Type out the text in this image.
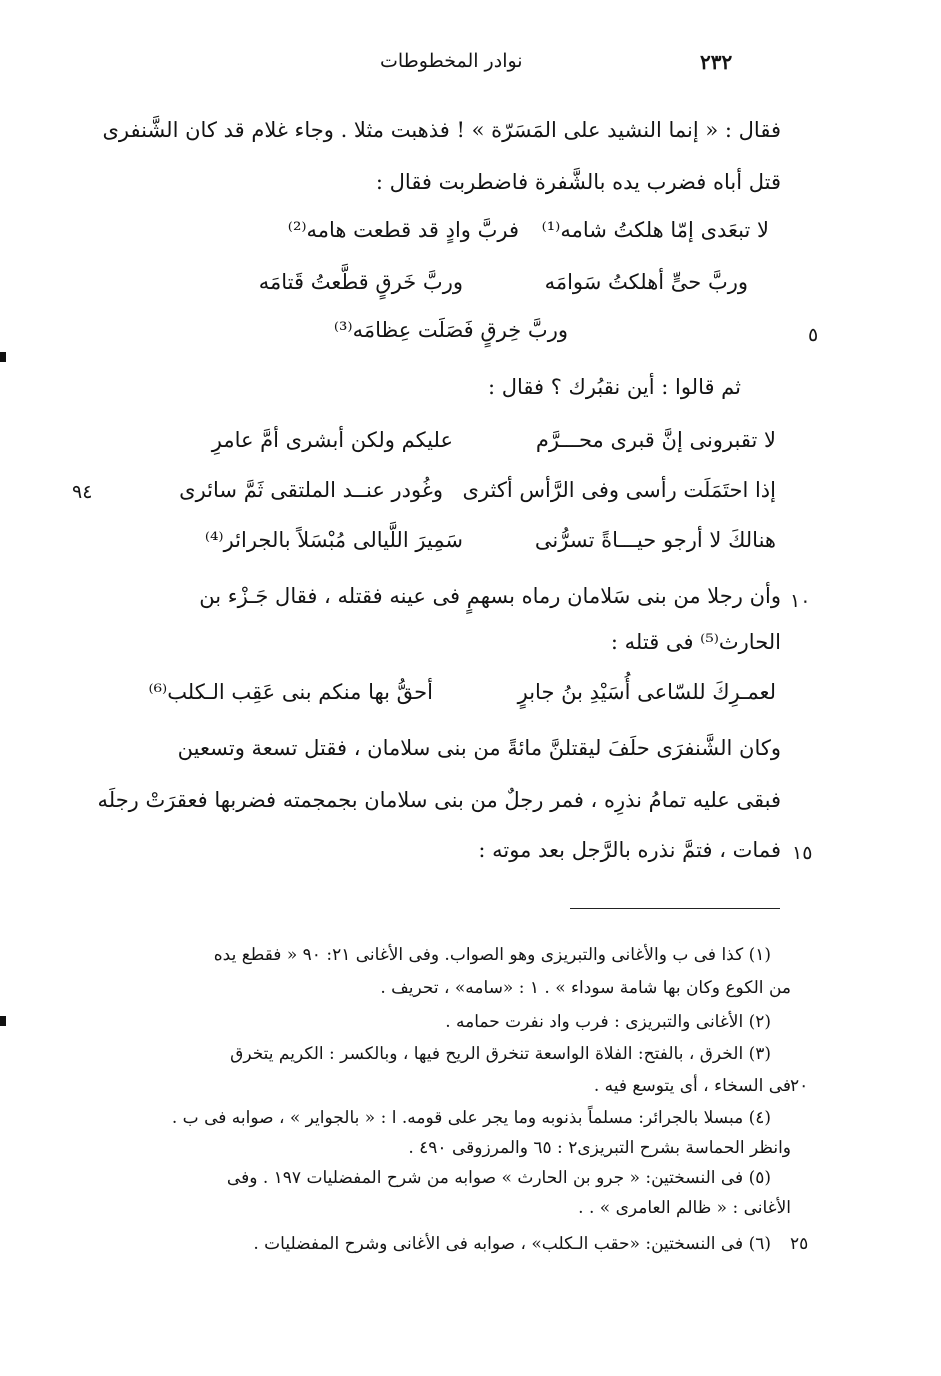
نوادر المخطوطات	٢٣٢
فقال : « إنما النشيد على المَسَرّة » ! فذهبت مثلا . وجاء غلام قد كان الشَّنفرى
قتل أباه فضرب يده بالشَّفرة فاضطربت فقال :
لا تبعَدى إمّا هلكتُ شامه⁽¹⁾
فربَّ وادٍ قد قطعت هامه⁽²⁾
وربَّ حىٍّ أهلكتُ سَوامَه
وربَّ خَرقٍ قطَّعتُ قَتامَه
وربَّ خِرقٍ فَصَلَت عِظامَه⁽³⁾	٥
ثم قالوا : أين نقبُرك ؟ فقال :
لا تقبرونى إنَّ قبرى محـــرَّم
عليكم ولكن أبشرى أمَّ عامرِ
إذا احتَمَلَت رأسى وفى الرَّأس أكثرى
وغُودر عنــد الملتقى ثَمَّ سائرى
٩٤
هنالكَ لا أرجو حيـــاةً تسرُّنى
سَمِيرَ اللَّيالى مُبْسَلاً بالجرائر⁽⁴⁾
وأن رجلا من بنى سَلامان رماه بسهمٍ فى عينه فقتله ، فقال جَـزْء بن ١٠
الحارث⁽⁵⁾ فى قتله :
لعمـرِكَ للسّاعى أُسَيْدِ بنُ جابرٍ
أحقُّ بها منكم بنى عَقِب الـكلب⁽⁶⁾
وكان الشَّنفرَى حلَفَ ليقتلنَّ مائةً من بنى سلامان ، فقتل تسعة وتسعين
فبقى عليه تمامُ نذرِه ، فمر رجلٌ من بنى سلامان بجمجمته فضربها فعقرَتْ رجلَه
فمات ، فتمَّ نذره بالرَّجل بعد موته : ١٥
(١) كذا فى ب والأغانى والتبريزى وهو الصواب. وفى الأغانى ٢١: ٩٠ « فقطع يده
من الكوع وكان بها شامة سوداء » . ١ : «سامه» ، تحريف .
(٢) الأغانى والتبريزى : فرب واد نفرت حمامه .
(٣) الخرق ، بالفتح: الفلاة الواسعة تنخرق الريح فيها ، وبالكسر : الكريم يتخرق
فى السخاء ، أى يتوسع فيه . ٢٠
(٤) مبسلا بالجرائر: مسلماً بذنوبه وما يجر على قومه. ا : « بالجواير » ، صوابه فى ب .
وانظر الحماسة بشرح التبريزى٢ : ٦٥ والمرزوقى ٤٩٠ .
(٥) فى النسختين: « جرو بن الحارث » صوابه من شرح المفضليات ١٩٧ . وفى
الأغانى : « ظالم العامرى » . .
(٦) فى النسختين: «حقب الـكلب» ، صوابه فى الأغانى وشرح المفضليات . ٢٥
